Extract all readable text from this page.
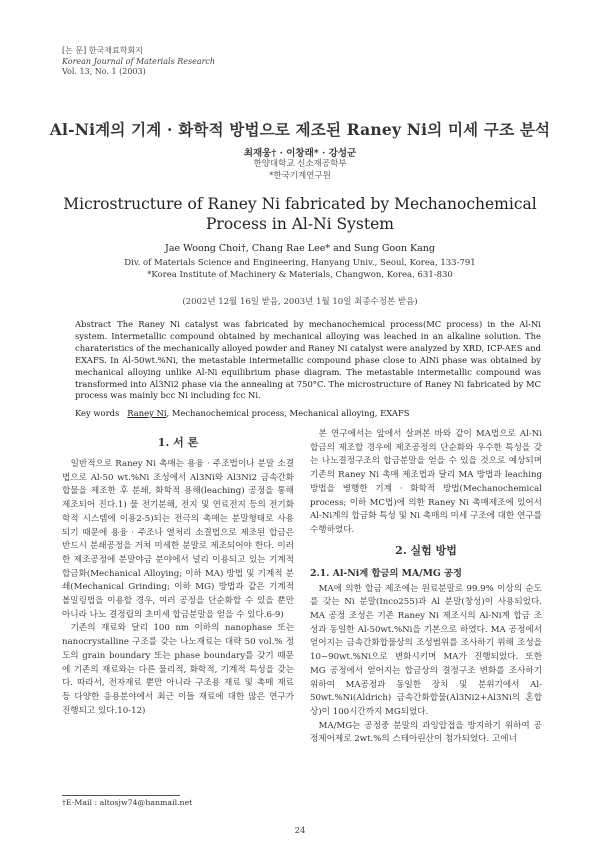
[논 문] 한국재료학회지
Korean Journal of Materials Research
Vol. 13, No. 1 (2003)
Al-Ni계의 기계 · 화학적 방법으로 제조된 Raney Ni의 미세 구조 분석
최재웅† · 이창래* · 강성군
한양대학교 신소재공학부
*한국기계연구원
Microstructure of Raney Ni fabricated by Mechanochemical
Process in Al-Ni System
Jae Woong Choi†, Chang Rae Lee* and Sung Goon Kang
Div. of Materials Science and Engineering, Hanyang Univ., Seoul, Korea, 133-791
*Korea Institute of Machinery & Materials, Changwon, Korea, 631-830
(2002년 12월 16일 받음, 2003년 1월 10일 최종수정본 받음)
Abstract The Raney Ni catalyst was fabricated by mechanochemical process(MC process) in the Al-Ni system. Intermetallic compound obtained by mechanical alloying was leached in an alkaline solution. The charateristics of the mechanically alloyed powder and Raney Ni catalyst were analyzed by XRD, ICP-AES and EXAFS. In Al-50wt.%Ni, the metastable intermetallic compound phase close to AlNi phase was obtained by mechanical alloying unlike Al-Ni equilibrium phase diagram. The metastable intermetallic compound was transformed into Al3Ni2 phase via the annealing at 750°C. The microstructure of Raney Ni fabricated by MC process was mainly bcc Ni including fcc Ni.
Key words Raney Ni, Mechanochemical process, Mechanical alloying, EXAFS
1. 서 론

일반적으로 Raney Ni 촉매는 용융 · 주조법이나 분말 소결법으로 Al-50 wt.%Ni 조성에서 Al3Ni와 Al3Ni2 금속간화합물을 제조한 후 분쇄, 화학적 용해(leaching) 공정을 통해 제조되어 진다.1) 물 전기분해, 전지 및 연료전지 등의 전기화학적 시스템에 이용2-5)되는 전극의 촉매는 분말형태로 사용되기 때문에 용융 · 주조나 열처리 소결법으로 제조된 합금은 반드시 분쇄공정을 거쳐 미세한 분말로 제조되어야 한다. 이러한 제조공정에 분말야금 분야에서 널리 이용되고 있는 기계적 합금화(Mechanical Alloying; 이하 MA) 방법 및 기계적 분쇄(Mechanical Grinding; 이하 MG) 방법과 같은 기계적 볼밀링법을 이용할 경우, 여러 공정을 단순화할 수 있을 뿐만 아니라 나노 결정립의 초미세 합금분말을 얻을 수 있다.6-9)

기존의 재료와 달리 100 nm 이하의 nanophase 또는 nanocrystalline 구조를 갖는 나노재료는 대략 50 vol.% 정도의 grain boundary 또는 phase boundary를 갖기 때문에 기존의 재료와는 다른 물리적, 화학적, 기계적 특성을 갖는다. 따라서, 전자재료 뿐만 아니라 구조용 재료 및 촉매 재료 등 다양한 응용분야에서 최근 이들 재료에 대한 많은 연구가 진행되고 있다.10-12)

본 연구에서는 앞에서 살펴본 바와 같이 MA법으로 Al-Ni 합금의 제조할 경우에 제조공정의 단순화와 우수한 특성을 갖는 나노결정구조의 합금분말을 얻을 수 있을 것으로 예상되며 기존의 Raney Ni 촉매 제조법과 달리 MA 방법과 leaching 방법을 병행한 기계 · 화학적 방법(Mechanochemical process; 이하 MC법)에 의한 Raney Ni 촉매제조에 있어서 Al-Ni계의 합금화 특성 및 Ni 촉매의 미세 구조에 대한 연구를 수행하였다.

2. 실험 방법
2.1. Al-Ni계 합금의 MA/MG 공정

MA에 의한 합금 제조에는 원료분말로 99.9% 이상의 순도를 갖는 Ni 분말(Inco255)과 Al 분말(창성)이 사용되었다. MA 공정 조성은 기존 Raney Ni 제조시의 Al-Ni계 합금 조성과 동일한 Al-50wt.%Ni을 기본으로 하였다. MA 공정에서 얻어지는 금속간화합물상의 조성범위를 조사하기 위해 조성을 10~90wt.%Ni으로 변화시키며 MA가 진행되었다. 또한 MG 공정에서 얻어지는 합금상의 결정구조 변화를 조사하기 위하여 MA공정과 동일한 장치 및 분위기에서 Al-50wt.%Ni(Aldrich) 금속간화합물(Al3Ni2+Al3Ni의 혼합상)이 100시간까지 MG되었다.

MA/MG는 공정중 분말의 과잉압접을 방지하기 위하여 공정제어제로 2wt.%의 스테아린산이 첨가되었다. 고에너

†E-Mail : altosjw74@hanmail.net
24
